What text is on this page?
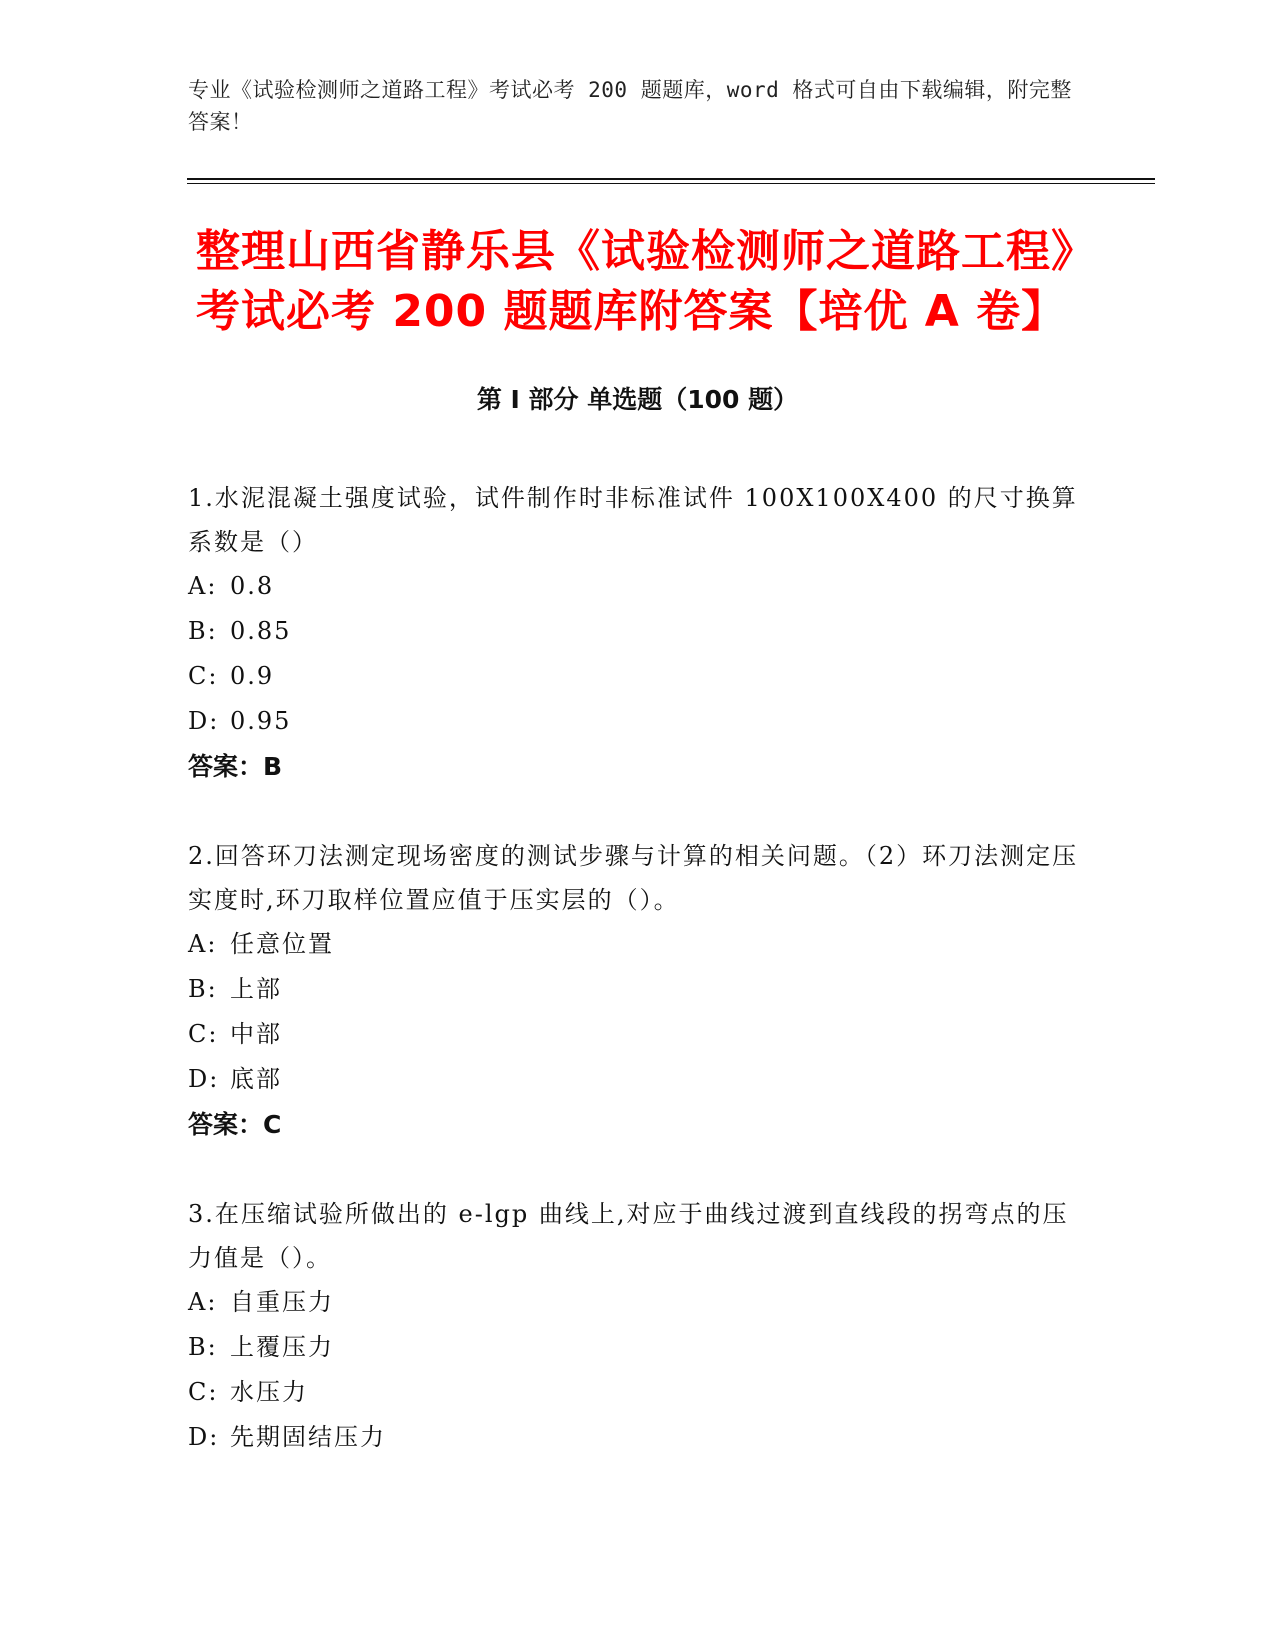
专业《试验检测师之道路工程》考试必考 200 题题库，word 格式可自由下载编辑，附完整答案！
整理山西省静乐县《试验检测师之道路工程》考试必考 200 题题库附答案【培优 A 卷】
第 I 部分 单选题（100 题）
1.水泥混凝土强度试验，试件制作时非标准试件 100X100X400 的尺寸换算系数是（）
A: 0.8
B: 0.85
C: 0.9
D: 0.95
答案：B
2.回答环刀法测定现场密度的测试步骤与计算的相关问题。（2）环刀法测定压实度时,环刀取样位置应值于压实层的（）。
A: 任意位置
B: 上部
C: 中部
D: 底部
答案：C
3.在压缩试验所做出的 e-lgp 曲线上,对应于曲线过渡到直线段的拐弯点的压力值是（）。
A: 自重压力
B: 上覆压力
C: 水压力
D: 先期固结压力
